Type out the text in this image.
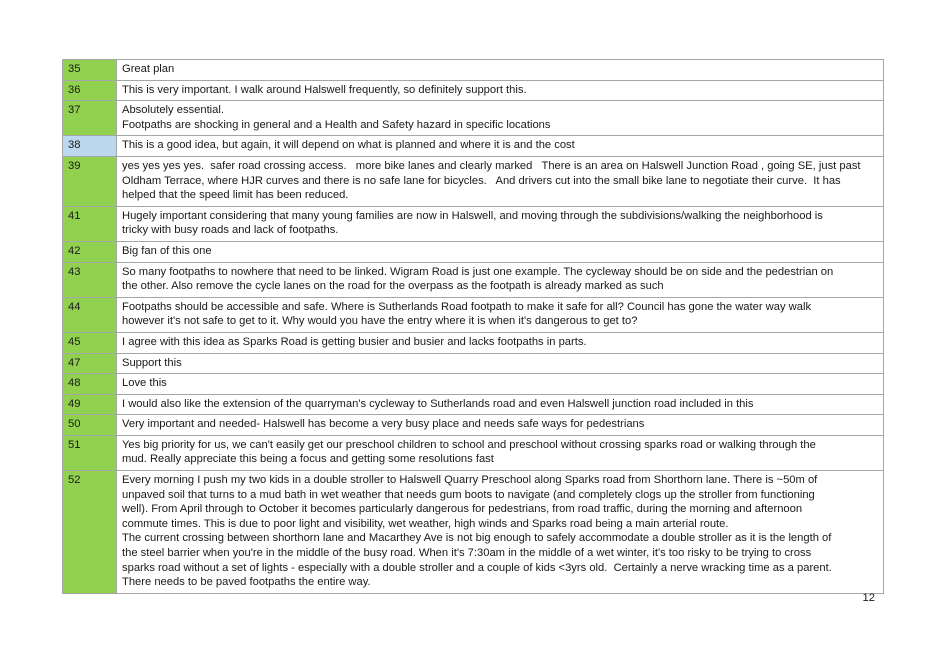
35	Great plan

36	This is very important. I walk around Halswell frequently, so definitely support this.

37	Absolutely essential.
Footpaths are shocking in general and a Health and Safety hazard in specific locations

38	This is a good idea, but again, it will depend on what is planned and where it is and the cost

39	yes yes yes yes.  safer road crossing access.   more bike lanes and clearly marked   There is an area on Halswell Junction Road , going SE, just past
Oldham Terrace, where HJR curves and there is no safe lane for bicycles.   And drivers cut into the small bike lane to negotiate their curve.  It has
helped that the speed limit has been reduced.

41	Hugely important considering that many young families are now in Halswell, and moving through the subdivisions/walking the neighborhood is
tricky with busy roads and lack of footpaths.

42	Big fan of this one

43	So many footpaths to nowhere that need to be linked. Wigram Road is just one example. The cycleway should be on side and the pedestrian on
the other. Also remove the cycle lanes on the road for the overpass as the footpath is already marked as such

44	Footpaths should be accessible and safe. Where is Sutherlands Road footpath to make it safe for all? Council has gone the water way walk
however it's not safe to get to it. Why would you have the entry where it is when it's dangerous to get to?

45	I agree with this idea as Sparks Road is getting busier and busier and lacks footpaths in parts.

47	Support this

48	Love this

49	I would also like the extension of the quarryman's cycleway to Sutherlands road and even Halswell junction road included in this

50	Very important and needed- Halswell has become a very busy place and needs safe ways for pedestrians

51	Yes big priority for us, we can't easily get our preschool children to school and preschool without crossing sparks road or walking through the
mud. Really appreciate this being a focus and getting some resolutions fast

52	Every morning I push my two kids in a double stroller to Halswell Quarry Preschool along Sparks road from Shorthorn lane. There is ~50m of
unpaved soil that turns to a mud bath in wet weather that needs gum boots to navigate (and completely clogs up the stroller from functioning
well). From April through to October it becomes particularly dangerous for pedestrians, from road traffic, during the morning and afternoon
commute times. This is due to poor light and visibility, wet weather, high winds and Sparks road being a main arterial route.
The current crossing between shorthorn lane and Macarthey Ave is not big enough to safely accommodate a double stroller as it is the length of
the steel barrier when you're in the middle of the busy road. When it's 7:30am in the middle of a wet winter, it's too risky to be trying to cross
sparks road without a set of lights - especially with a double stroller and a couple of kids <3yrs old.  Certainly a nerve wracking time as a parent.
There needs to be paved footpaths the entire way.
12
